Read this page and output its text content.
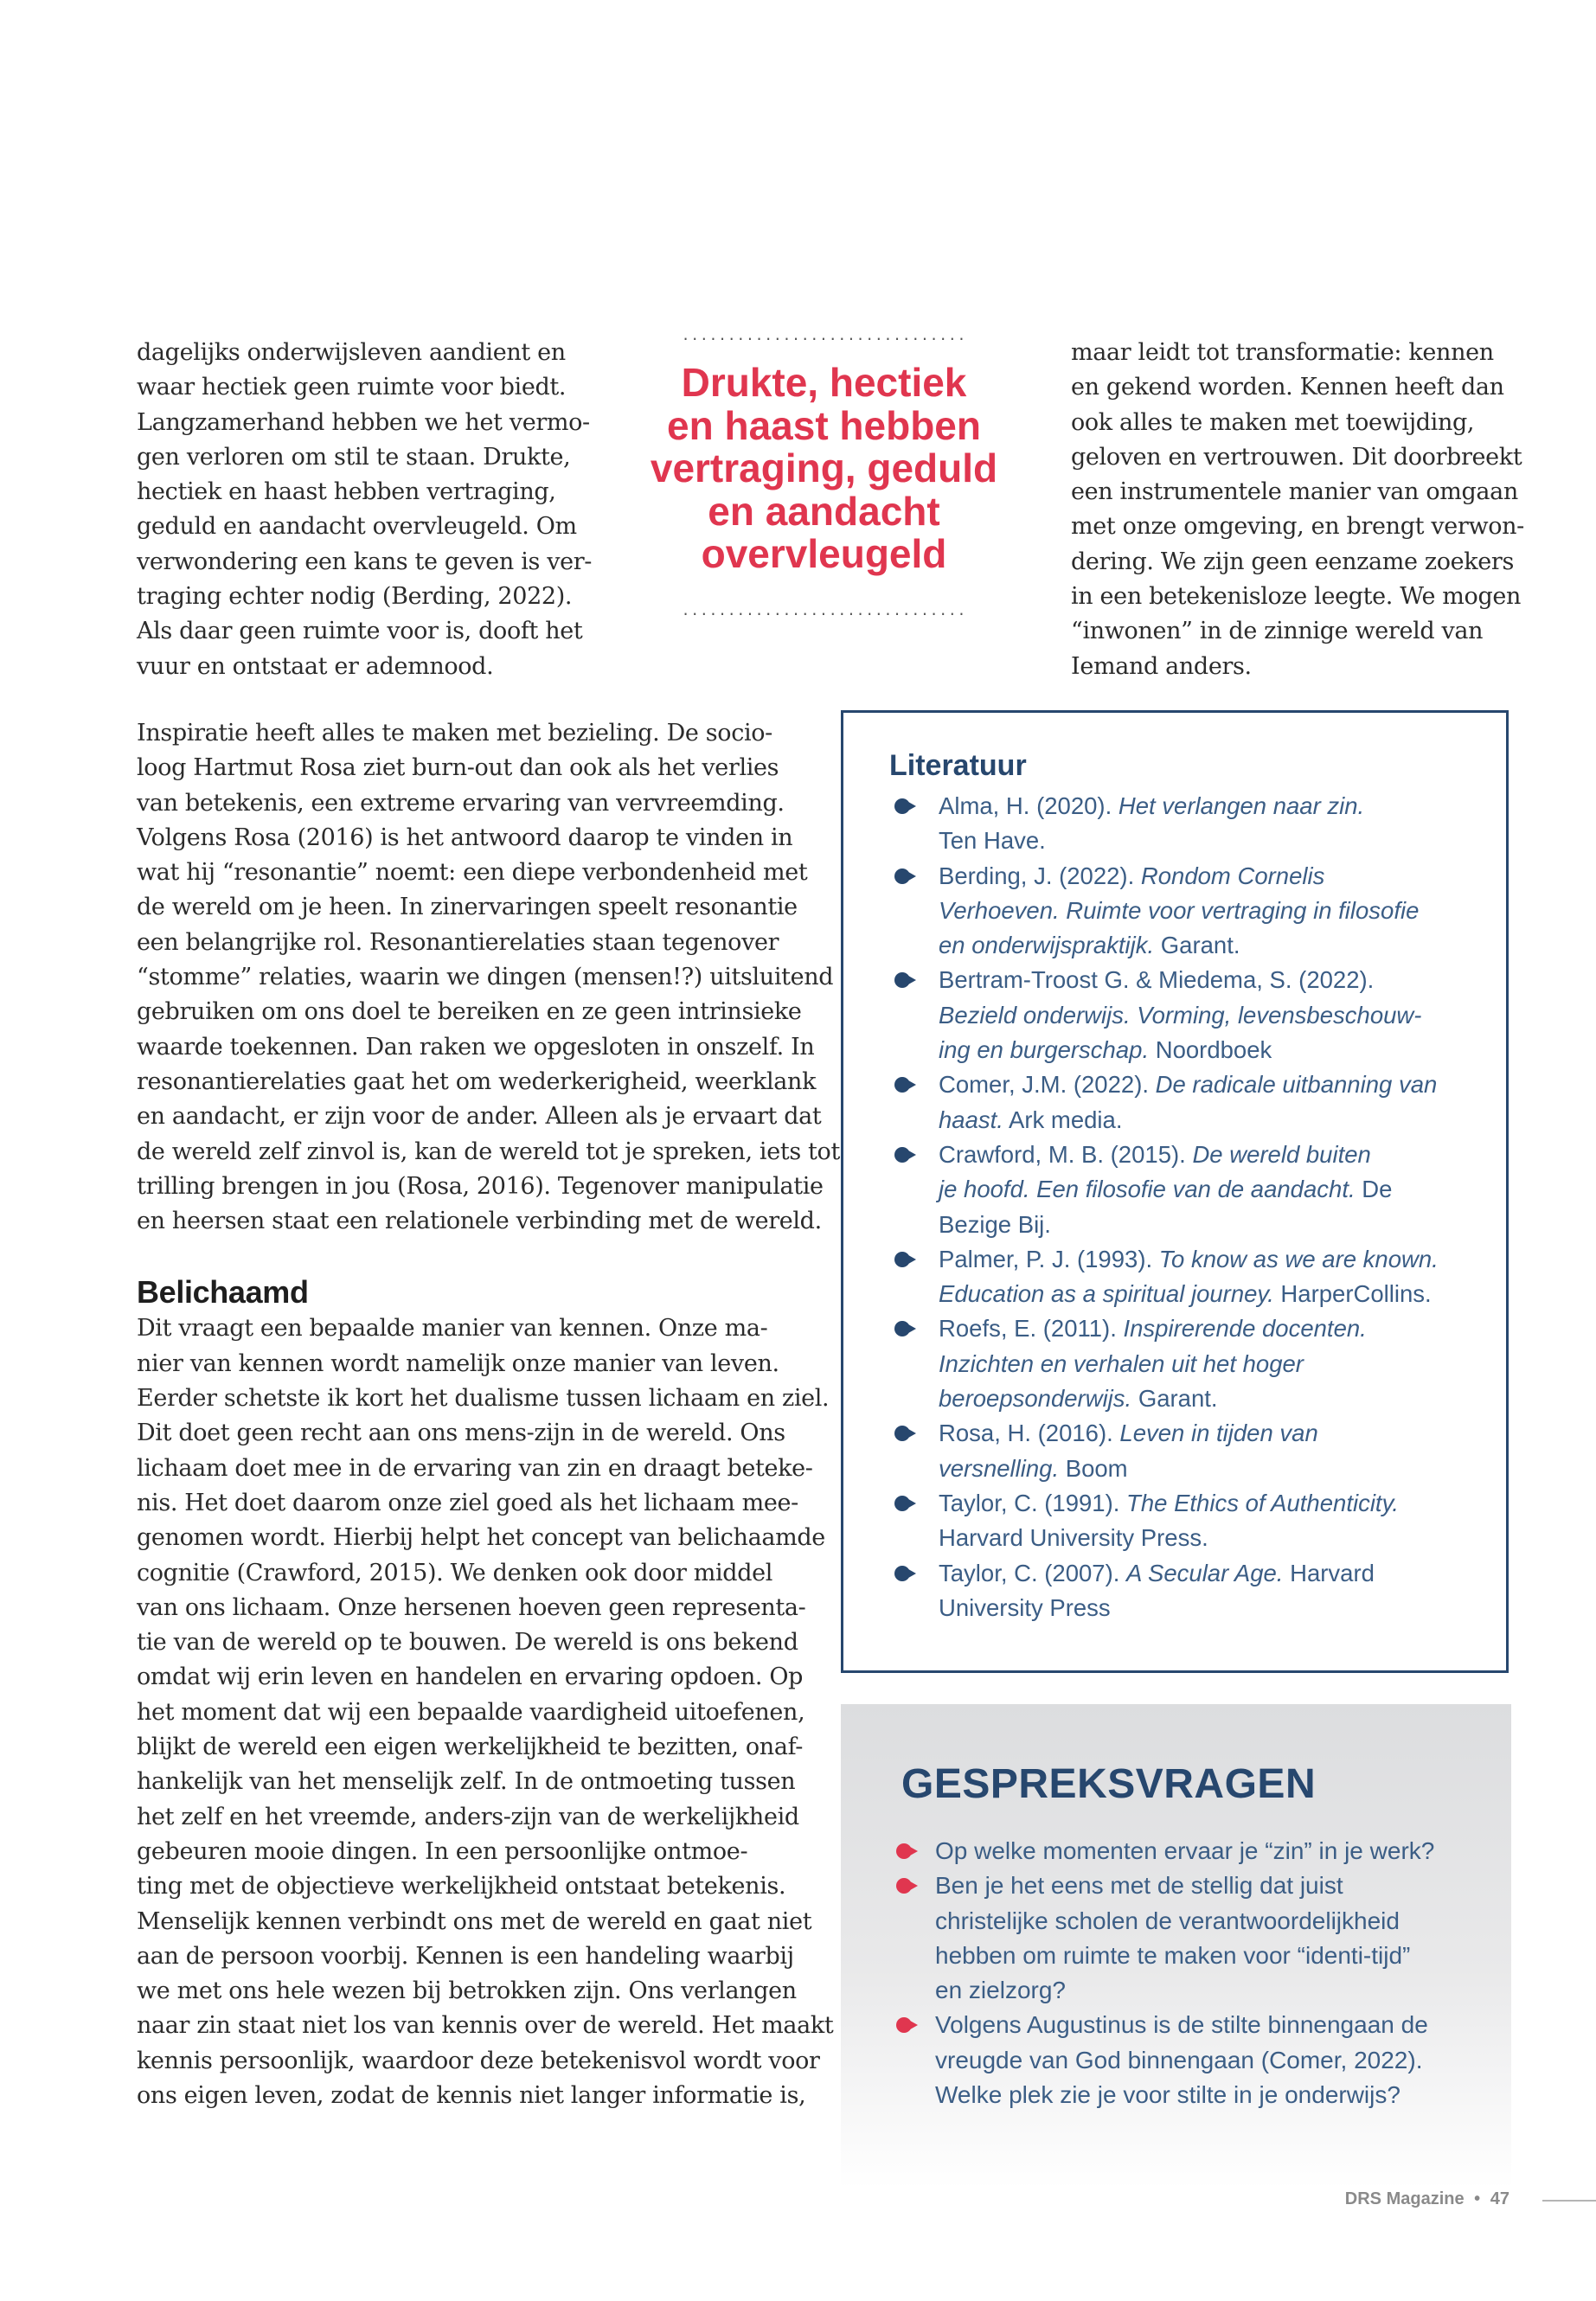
dagelijks onderwijsleven aandient en
waar hectiek geen ruimte voor biedt.
Langzamerhand hebben we het vermo-
gen verloren om stil te staan. Drukte,
hectiek en haast hebben vertraging,
geduld en aandacht overvleugeld. Om
verwondering een kans te geven is ver-
traging echter nodig (Berding, 2022).
Als daar geen ruimte voor is, dooft het
vuur en ontstaat er ademnood.
...............................
Drukte, hectiek
en haast hebben
vertraging, geduld
en aandacht
overvleugeld
...............................
maar leidt tot transformatie: kennen
en gekend worden. Kennen heeft dan
ook alles te maken met toewijding,
geloven en vertrouwen. Dit doorbreekt
een instrumentele manier van omgaan
met onze omgeving, en brengt verwon-
dering. We zijn geen eenzame zoekers
in een betekenisloze leegte. We mogen
“inwonen” in de zinnige wereld van
Iemand anders.
Inspiratie heeft alles te maken met bezieling. De socio-
loog Hartmut Rosa ziet burn-out dan ook als het verlies
van betekenis, een extreme ervaring van vervreemding.
Volgens Rosa (2016) is het antwoord daarop te vinden in
wat hij “resonantie” noemt: een diepe verbondenheid met
de wereld om je heen. In zinervaringen speelt resonantie
een belangrijke rol. Resonantierelaties staan tegenover
“stomme” relaties, waarin we dingen (mensen!?) uitsluitend
gebruiken om ons doel te bereiken en ze geen intrinsieke
waarde toekennen. Dan raken we opgesloten in onszelf. In
resonantierelaties gaat het om wederkerigheid, weerklank
en aandacht, er zijn voor de ander. Alleen als je ervaart dat
de wereld zelf zinvol is, kan de wereld tot je spreken, iets tot
trilling brengen in jou (Rosa, 2016). Tegenover manipulatie
en heersen staat een relationele verbinding met de wereld.
Belichaamd
Dit vraagt een bepaalde manier van kennen. Onze ma-
nier van kennen wordt namelijk onze manier van leven.
Eerder schetste ik kort het dualisme tussen lichaam en ziel.
Dit doet geen recht aan ons mens-zijn in de wereld. Ons
lichaam doet mee in de ervaring van zin en draagt beteke-
nis. Het doet daarom onze ziel goed als het lichaam mee-
genomen wordt. Hierbij helpt het concept van belichaamde
cognitie (Crawford, 2015). We denken ook door middel
van ons lichaam. Onze hersenen hoeven geen representa-
tie van de wereld op te bouwen. De wereld is ons bekend
omdat wij erin leven en handelen en ervaring opdoen. Op
het moment dat wij een bepaalde vaardigheid uitoefenen,
blijkt de wereld een eigen werkelijkheid te bezitten, onaf-
hankelijk van het menselijk zelf. In de ontmoeting tussen
het zelf en het vreemde, anders-zijn van de werkelijkheid
gebeuren mooie dingen. In een persoonlijke ontmoe-
ting met de objectieve werkelijkheid ontstaat betekenis.
Menselijk kennen verbindt ons met de wereld en gaat niet
aan de persoon voorbij. Kennen is een handeling waarbij
we met ons hele wezen bij betrokken zijn. Ons verlangen
naar zin staat niet los van kennis over de wereld. Het maakt
kennis persoonlijk, waardoor deze betekenisvol wordt voor
ons eigen leven, zodat de kennis niet langer informatie is,
Literatuur
Alma, H. (2020). Het verlangen naar zin.
Ten Have.
Berding, J. (2022). Rondom Cornelis
Verhoeven. Ruimte voor vertraging in filosofie
en onderwijspraktijk. Garant.
Bertram-Troost G. & Miedema, S. (2022).
Bezield onderwijs. Vorming, levensbeschouw-
ing en burgerschap. Noordboek
Comer, J.M. (2022). De radicale uitbanning van
haast. Ark media.
Crawford, M. B. (2015). De wereld buiten
je hoofd. Een filosofie van de aandacht. De
Bezige Bij.
Palmer, P. J. (1993). To know as we are known.
Education as a spiritual journey. HarperCollins.
Roefs, E. (2011). Inspirerende docenten.
Inzichten en verhalen uit het hoger
beroepsonderwijs. Garant.
Rosa, H. (2016). Leven in tijden van
versnelling. Boom
Taylor, C. (1991). The Ethics of Authenticity.
Harvard University Press.
Taylor, C. (2007). A Secular Age. Harvard
University Press
GESPREKSVRAGEN
Op welke momenten ervaar je “zin” in je werk?
Ben je het eens met de stellig dat juist
christelijke scholen de verantwoordelijkheid
hebben om ruimte te maken voor “identi-tijd”
en zielzorg?
Volgens Augustinus is de stilte binnengaan de
vreugde van God binnengaan (Comer, 2022).
Welke plek zie je voor stilte in je onderwijs?
DRS Magazine • 47
